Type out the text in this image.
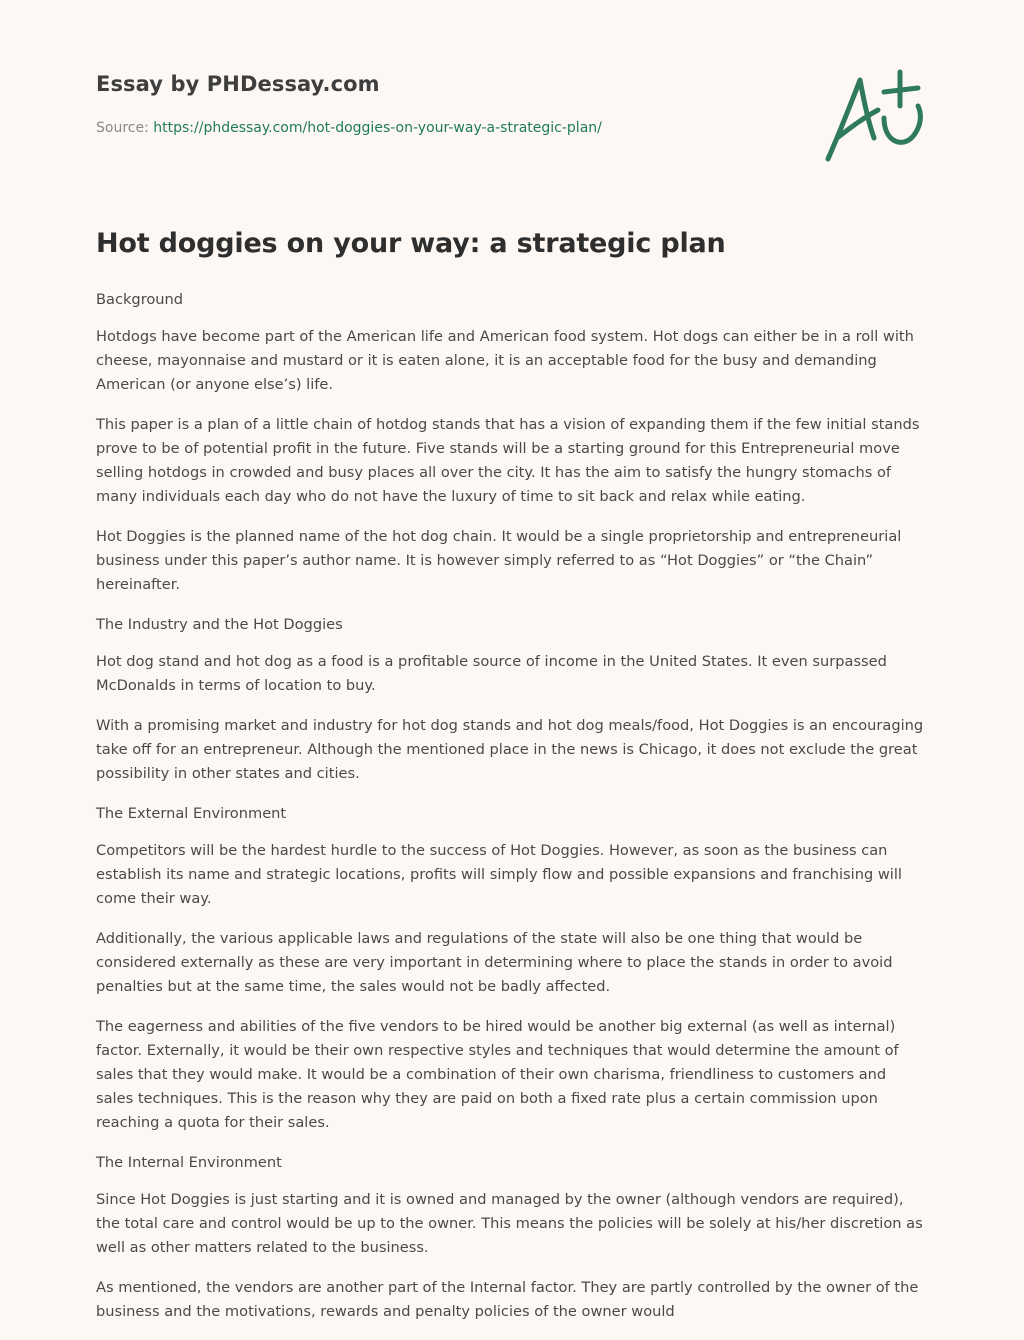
Essay by PHDessay.com
Source: https://phdessay.com/hot-doggies-on-your-way-a-strategic-plan/
Hot doggies on your way: a strategic plan
Background

Hotdogs have become part of the American life and American food system. Hot dogs can either be in a roll with cheese, mayonnaise and mustard or it is eaten alone, it is an acceptable food for the busy and demanding American (or anyone else’s) life.

This paper is a plan of a little chain of hotdog stands that has a vision of expanding them if the few initial stands prove to be of potential profit in the future. Five stands will be a starting ground for this Entrepreneurial move selling hotdogs in crowded and busy places all over the city. It has the aim to satisfy the hungry stomachs of many individuals each day who do not have the luxury of time to sit back and relax while eating.

Hot Doggies is the planned name of the hot dog chain. It would be a single proprietorship and entrepreneurial business under this paper’s author name. It is however simply referred to as “Hot Doggies” or “the Chain” hereinafter.

The Industry and the Hot Doggies

Hot dog stand and hot dog as a food is a profitable source of income in the United States. It even surpassed McDonalds in terms of location to buy.

With a promising market and industry for hot dog stands and hot dog meals/food, Hot Doggies is an encouraging take off for an entrepreneur. Although the mentioned place in the news is Chicago, it does not exclude the great possibility in other states and cities.

The External Environment

Competitors will be the hardest hurdle to the success of Hot Doggies. However, as soon as the business can establish its name and strategic locations, profits will simply flow and possible expansions and franchising will come their way.

Additionally, the various applicable laws and regulations of the state will also be one thing that would be considered externally as these are very important in determining where to place the stands in order to avoid penalties but at the same time, the sales would not be badly affected.

The eagerness and abilities of the five vendors to be hired would be another big external (as well as internal) factor. Externally, it would be their own respective styles and techniques that would determine the amount of sales that they would make. It would be a combination of their own charisma, friendliness to customers and sales techniques. This is the reason why they are paid on both a fixed rate plus a certain commission upon reaching a quota for their sales.

The Internal Environment

Since Hot Doggies is just starting and it is owned and managed by the owner (although vendors are required), the total care and control would be up to the owner. This means the policies will be solely at his/her discretion as well as other matters related to the business.

As mentioned, the vendors are another part of the Internal factor. They are partly controlled by the owner of the business and the motivations, rewards and penalty policies of the owner would
